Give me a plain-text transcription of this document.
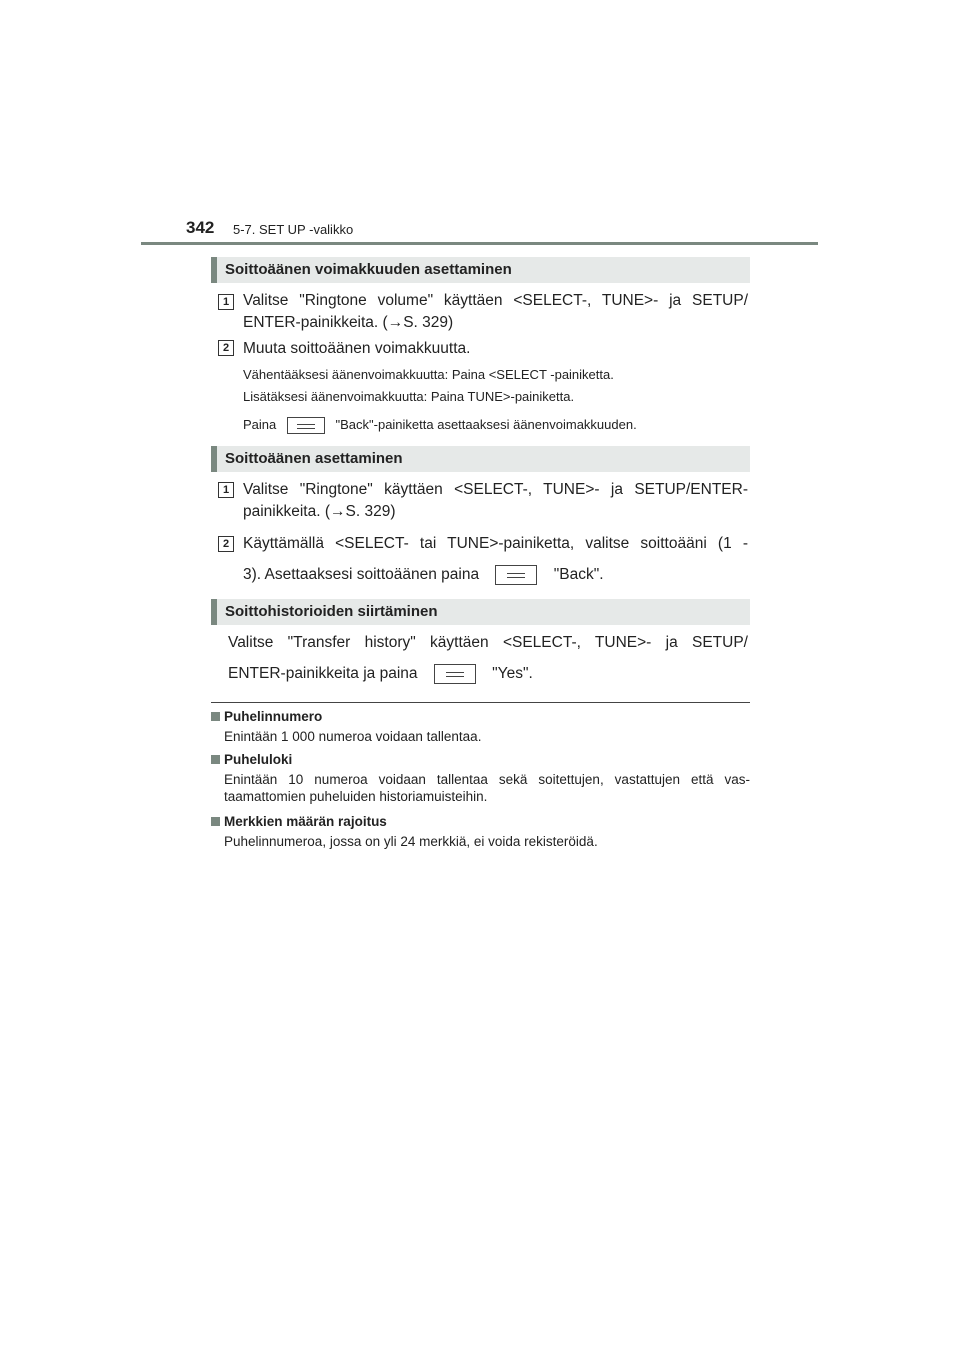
342 5-7. SET UP -valikko
Soittoäänen voimakkuuden asettaminen
1 Valitse "Ringtone volume" käyttäen <SELECT-, TUNE>- ja SETUP/
ENTER-painikkeita. (→S. 329)
2 Muuta soittoäänen voimakkuutta.
Vähentääksesi äänenvoimakkuutta: Paina <SELECT -painiketta.
Lisätäksesi äänenvoimakkuutta: Paina TUNE>-painiketta.
Paina	"Back"-painiketta asettaaksesi äänenvoimakkuuden.
Soittoäänen asettaminen
1 Valitse "Ringtone" käyttäen <SELECT-, TUNE>- ja SETUP/ENTER-
painikkeita. (→S. 329)
2 Käyttämällä <SELECT- tai TUNE>-painiketta, valitse soittoääni (1 -
3). Asettaaksesi soittoäänen paina	"Back".
Soittohistorioiden siirtäminen
Valitse "Transfer history" käyttäen <SELECT-, TUNE>- ja SETUP/
ENTER-painikkeita ja paina	"Yes".
Puhelinnumero
Enintään 1 000 numeroa voidaan tallentaa.
Puheluloki
Enintään 10 numeroa voidaan tallentaa sekä soitettujen, vastattujen että vas-
taamattomien puheluiden historiamuisteihin.
Merkkien määrän rajoitus
Puhelinnumeroa, jossa on yli 24 merkkiä, ei voida rekisteröidä.
